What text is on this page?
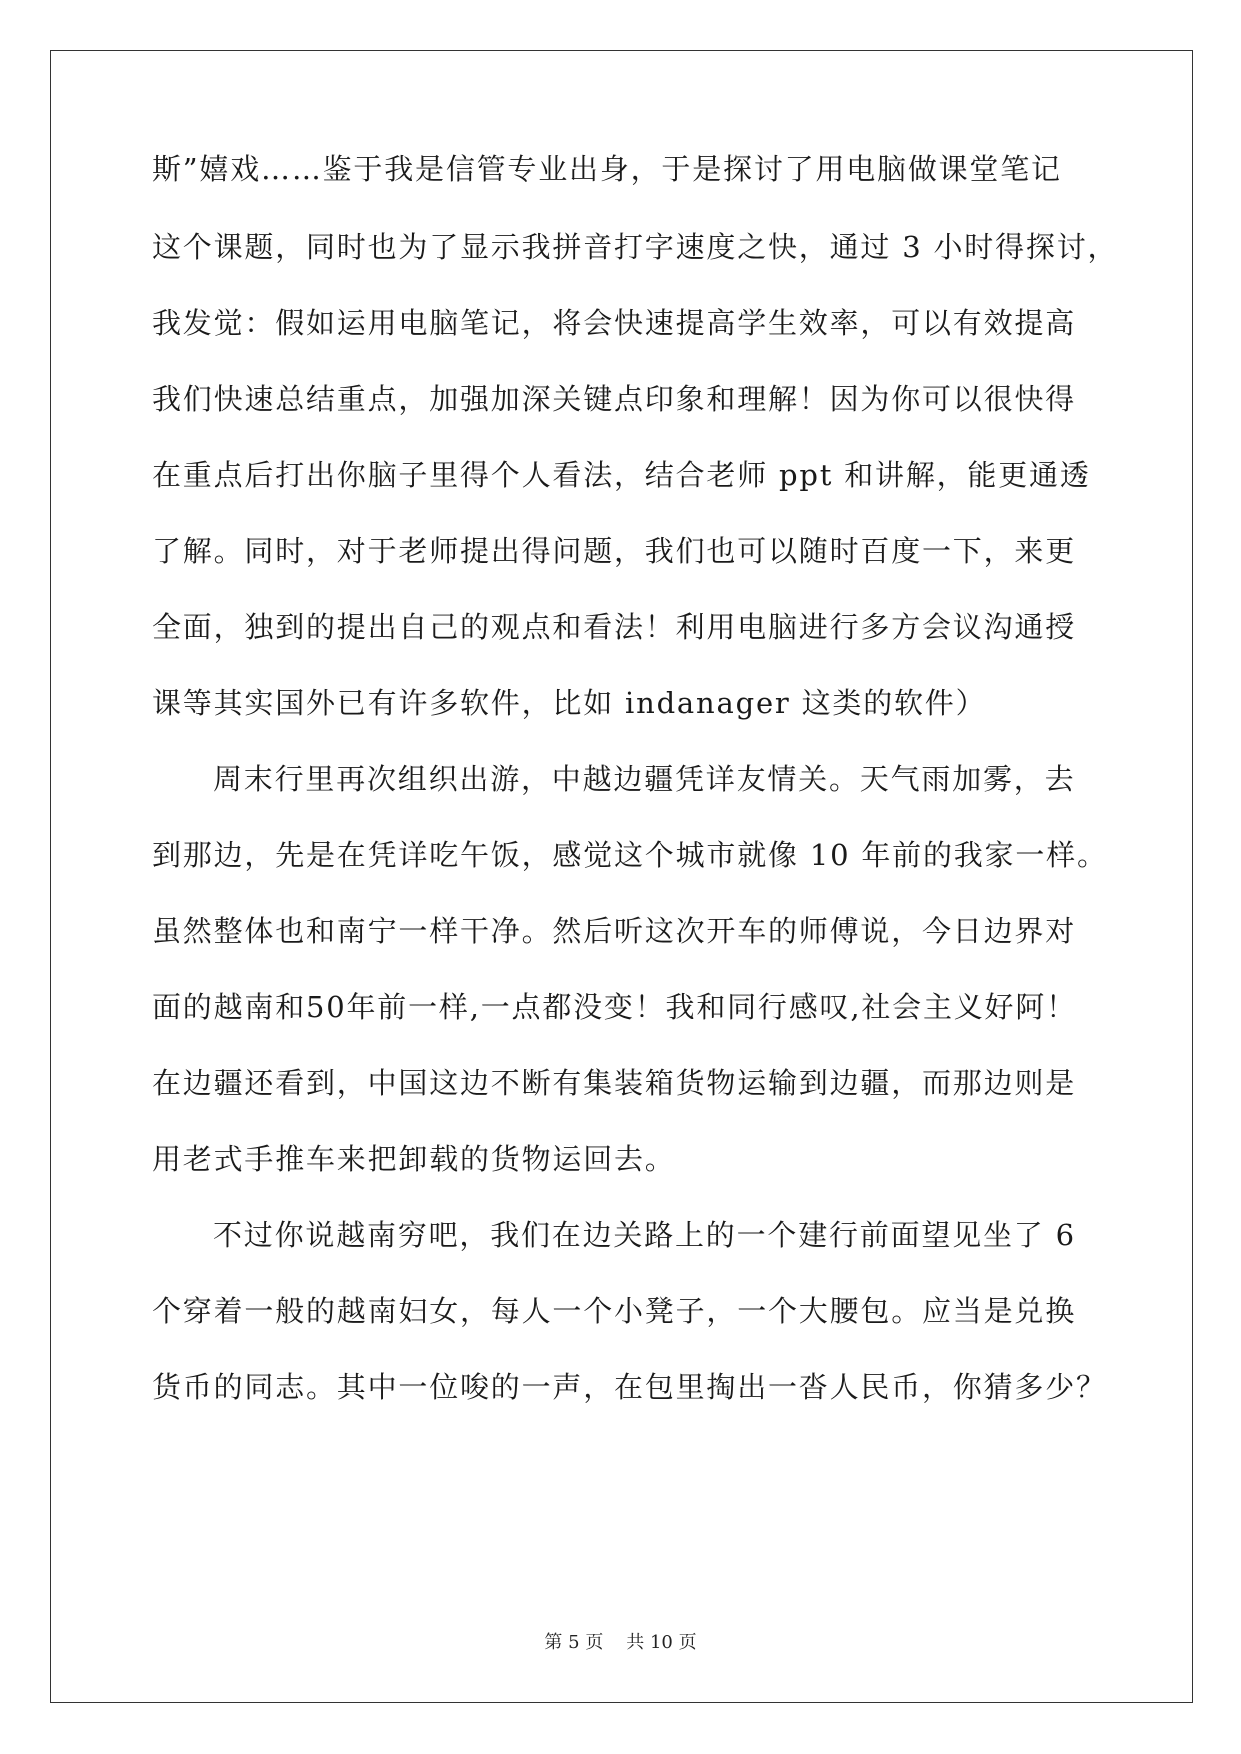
斯”嬉戏……鉴于我是信管专业出身，于是探讨了用电脑做课堂笔记
这个课题，同时也为了显示我拼音打字速度之快，通过 3 小时得探讨，
我发觉：假如运用电脑笔记，将会快速提高学生效率，可以有效提高
我们快速总结重点，加强加深关键点印象和理解！因为你可以很快得
在重点后打出你脑子里得个人看法，结合老师 ppt 和讲解，能更通透
了解。同时，对于老师提出得问题，我们也可以随时百度一下，来更
全面，独到的提出自己的观点和看法！利用电脑进行多方会议沟通授
课等其实国外已有许多软件，比如 indanager 这类的软件）
周末行里再次组织出游，中越边疆凭详友情关。天气雨加雾，去
到那边，先是在凭详吃午饭，感觉这个城市就像 10 年前的我家一样。
虽然整体也和南宁一样干净。然后听这次开车的师傅说，今日边界对
面的越南和50年前一样,一点都没变！我和同行感叹,社会主义好阿！
在边疆还看到，中国这边不断有集装箱货物运输到边疆，而那边则是
用老式手推车来把卸载的货物运回去。
不过你说越南穷吧，我们在边关路上的一个建行前面望见坐了 6
个穿着一般的越南妇女，每人一个小凳子，一个大腰包。应当是兑换
货币的同志。其中一位唆的一声，在包里掏出一沓人民币，你猜多少？
第 5 页 共 10 页
